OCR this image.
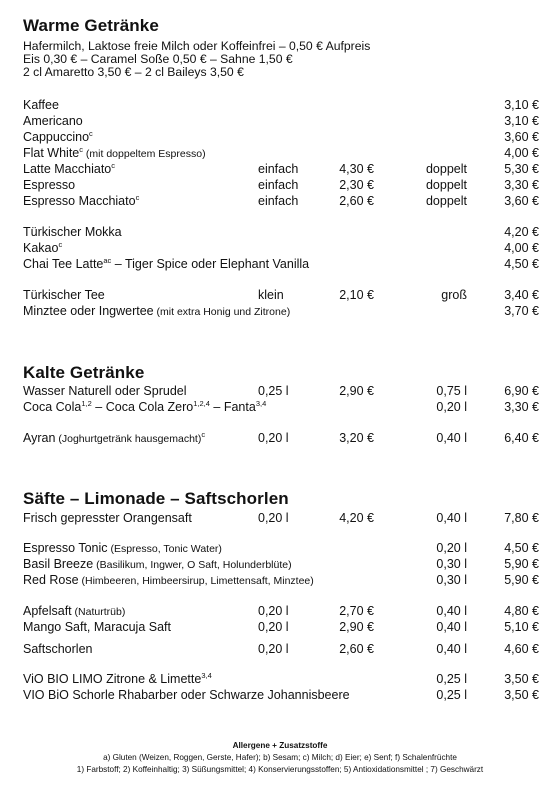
Warme Getränke
Hafermilch, Laktose freie Milch oder Koffeinfrei – 0,50 € Aufpreis
Eis 0,30 € – Caramel Soße 0,50 € – Sahne 1,50 €
2 cl Amaretto 3,50 € – 2 cl Baileys 3,50 €
Kaffee	3,10 €
Americano	3,10 €
Cappuccino$^c$	3,60 €
Flat White$^c$ (mit doppeltem Espresso)	4,00 €
Latte Macchiato$^c$	einfach	4,30 €	doppelt	5,30 €
Espresso	einfach	2,30 €	doppelt	3,30 €
Espresso Macchiato$^c$	einfach	2,60 €	doppelt	3,60 €
Türkischer Mokka	4,20 €
Kakao$^c$	4,00 €
Chai Tee Latte$^{ac}$ – Tiger Spice oder Elephant Vanilla	4,50 €
Türkischer Tee	klein	2,10 €	groß	3,40 €
Minztee oder Ingwertee (mit extra Honig und Zitrone)	3,70 €
Wasser Naturell oder Sprudel	0,25 l	2,90 €	0,75 l	6,90 €
Coca Cola$^{1,2}$ – Coca Cola Zero$^{1,2,4}$ – Fanta$^{3,4}$	0,20 l	3,30 €
Ayran (Joghurtgetränk hausgemacht)$^c$	0,20 l	3,20 €	0,40 l	6,40 €
Frisch gepresster Orangensaft	0,20 l	4,20 €	0,40 l	7,80 €
Espresso Tonic (Espresso, Tonic Water)	0,20 l	4,50 €
Basil Breeze (Basilikum, Ingwer, O Saft, Holunderblüte)	0,30 l	5,90 €
Red Rose (Himbeeren, Himbeersirup, Limettensaft, Minztee)	0,30 l	5,90 €
Apfelsaft (Naturtrüb)	0,20 l	2,70 €	0,40 l	4,80 €
Mango Saft, Maracuja Saft	0,20 l	2,90 €	0,40 l	5,10 €
Saftschorlen	0,20 l	2,60 €	0,40 l	4,60 €
ViO BIO LIMO Zitrone & Limette$^{3,4}$	0,25 l	3,50 €
VIO BiO Schorle Rhabarber oder Schwarze Johannisbeere	0,25 l	3,50 €
Kalte Getränke
Säfte – Limonade – Saftschorlen
Allergene + Zusatzstoffe
a) Gluten (Weizen, Roggen, Gerste, Hafer); b) Sesam; c) Milch; d) Eier; e) Senf; f) Schalenfrüchte
1) Farbstoff; 2) Koffeinhaltig; 3) Süßungsmittel; 4) Konservierungsstoffen; 5) Antioxidationsmittel ; 7) Geschwärzt
